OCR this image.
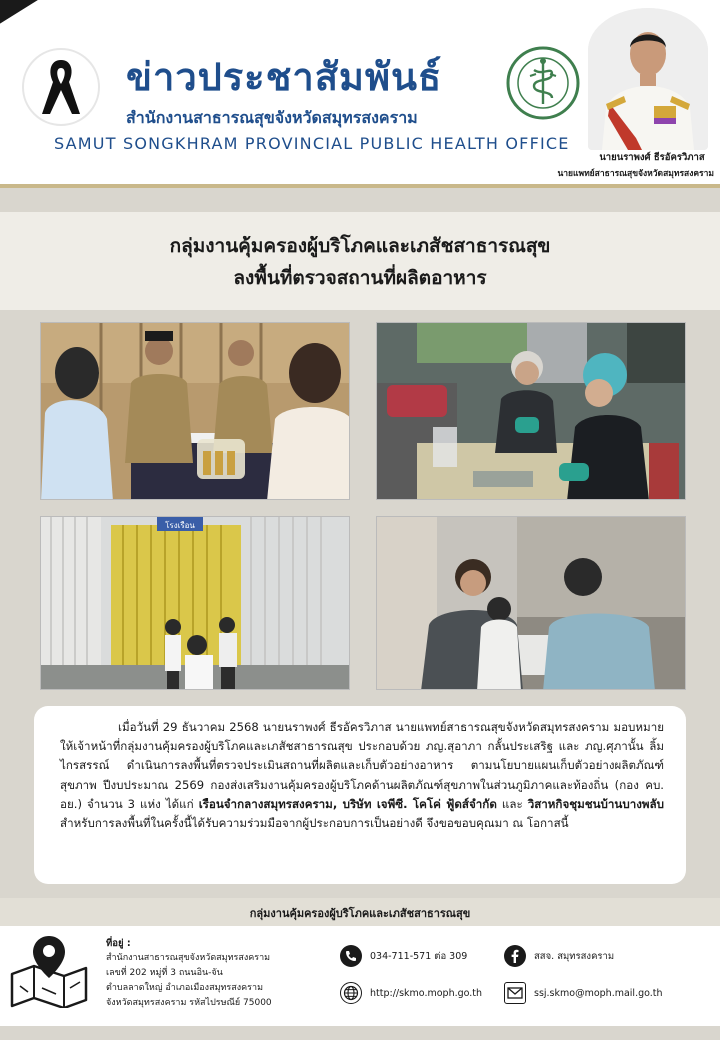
ข่าวประชาสัมพันธ์
สำนักงานสาธารณสุขจังหวัดสมุทรสงคราม
SAMUT SONGKHRAM PROVINCIAL PUBLIC HEALTH OFFICE
นายนราพงศ์ ธีรอัครวิภาส
นายแพทย์สาธารณสุขจังหวัดสมุทรสงคราม
กลุ่มงานคุ้มครองผู้บริโภคและเภสัชสาธารณสุข
ลงพื้นที่ตรวจสถานที่ผลิตอาหาร
โรงเรือน

เมื่อวันที่ 29 ธันวาคม 2568 นายนราพงศ์ ธีรอัครวิภาส นายแพทย์สาธารณสุขจังหวัดสมุทรสงคราม มอบหมายให้เจ้าหน้าที่กลุ่มงานคุ้มครองผู้บริโภคและเภสัชสาธารณสุข ประกอบด้วย ภญ.สุอาภา กลั้นประเสริฐ และ ภญ.ศุภานั้น ลิ้มไกรสรรณ์ ดำเนินการลงพื้นที่ตรวจประเมินสถานที่ผลิตและเก็บตัวอย่างอาหาร ตามนโยบายแผนเก็บตัวอย่างผลิตภัณฑ์สุขภาพ ปีงบประมาณ 2569 กองส่งเสริมงานคุ้มครองผู้บริโภคด้านผลิตภัณฑ์สุขภาพในส่วนภูมิภาคและท้องถิ่น (กอง คบ. อย.) จำนวน 3 แห่ง ได้แก่ เรือนจำกลางสมุทรสงคราม, บริษัท เจพีซี. โคโค่ ฟู้ดส์จำกัด และ วิสาหกิจชุมชนบ้านบางพลับ สำหรับการลงพื้นที่ในครั้งนี้ได้รับความร่วมมือจากผู้ประกอบการเป็นอย่างดี จึงขอขอบคุณมา ณ โอกาสนี้

กลุ่มงานคุ้มครองผู้บริโภคและเภสัชสาธารณสุข
ที่อยู่ :
สำนักงานสาธารณสุขจังหวัดสมุทรสงคราม
เลขที่ 202 หมู่ที่ 3 ถนนอิน-จัน
ตำบลลาดใหญ่ อำเภอเมืองสมุทรสงคราม
จังหวัดสมุทรสงคราม รหัสไปรษณีย์ 75000
034-711-571 ต่อ 309	สสจ. สมุทรสงคราม
http://skmo.moph.go.th	ssj.skmo@moph.mail.go.th
